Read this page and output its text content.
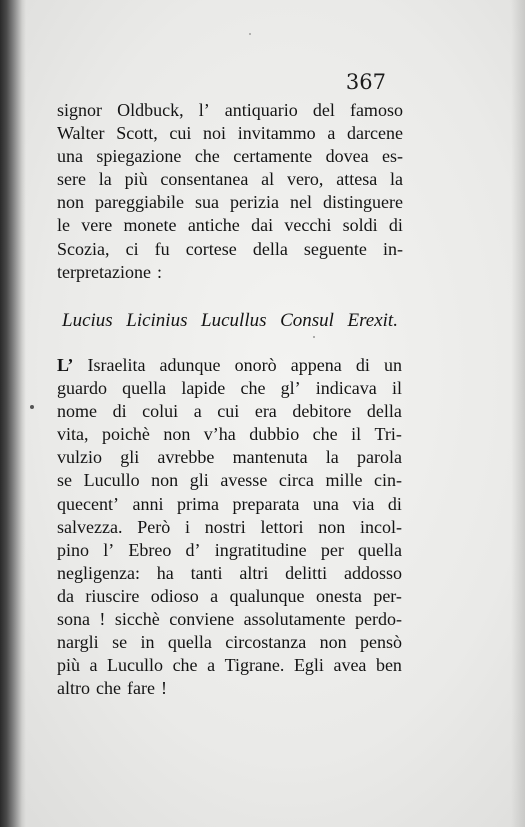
367
signor Oldbuck, l’ antiquario del famoso
Walter Scott, cui noi invitammo a darcene
una spiegazione che certamente dovea es-
sere la più consentanea al vero, attesa la
non pareggiabile sua perizia nel distinguere
le vere monete antiche dai vecchi soldi di
Scozia, ci fu cortese della seguente in-
terpretazione :
Lucius Licinius Lucullus Consul Erexit.
L’ Israelita adunque onorò appena di un
guardo quella lapide che gl’ indicava il
nome di colui a cui era debitore della
vita, poichè non v’ha dubbio che il Tri-
vulzio gli avrebbe mantenuta la parola
se Lucullo non gli avesse circa mille cin-
quecent’ anni prima preparata una via di
salvezza. Però i nostri lettori non incol-
pino l’ Ebreo d’ ingratitudine per quella
negligenza: ha tanti altri delitti addosso
da riuscire odioso a qualunque onesta per-
sona ! sicchè conviene assolutamente perdo-
nargli se in quella circostanza non pensò
più a Lucullo che a Tigrane. Egli avea ben
altro che fare !
